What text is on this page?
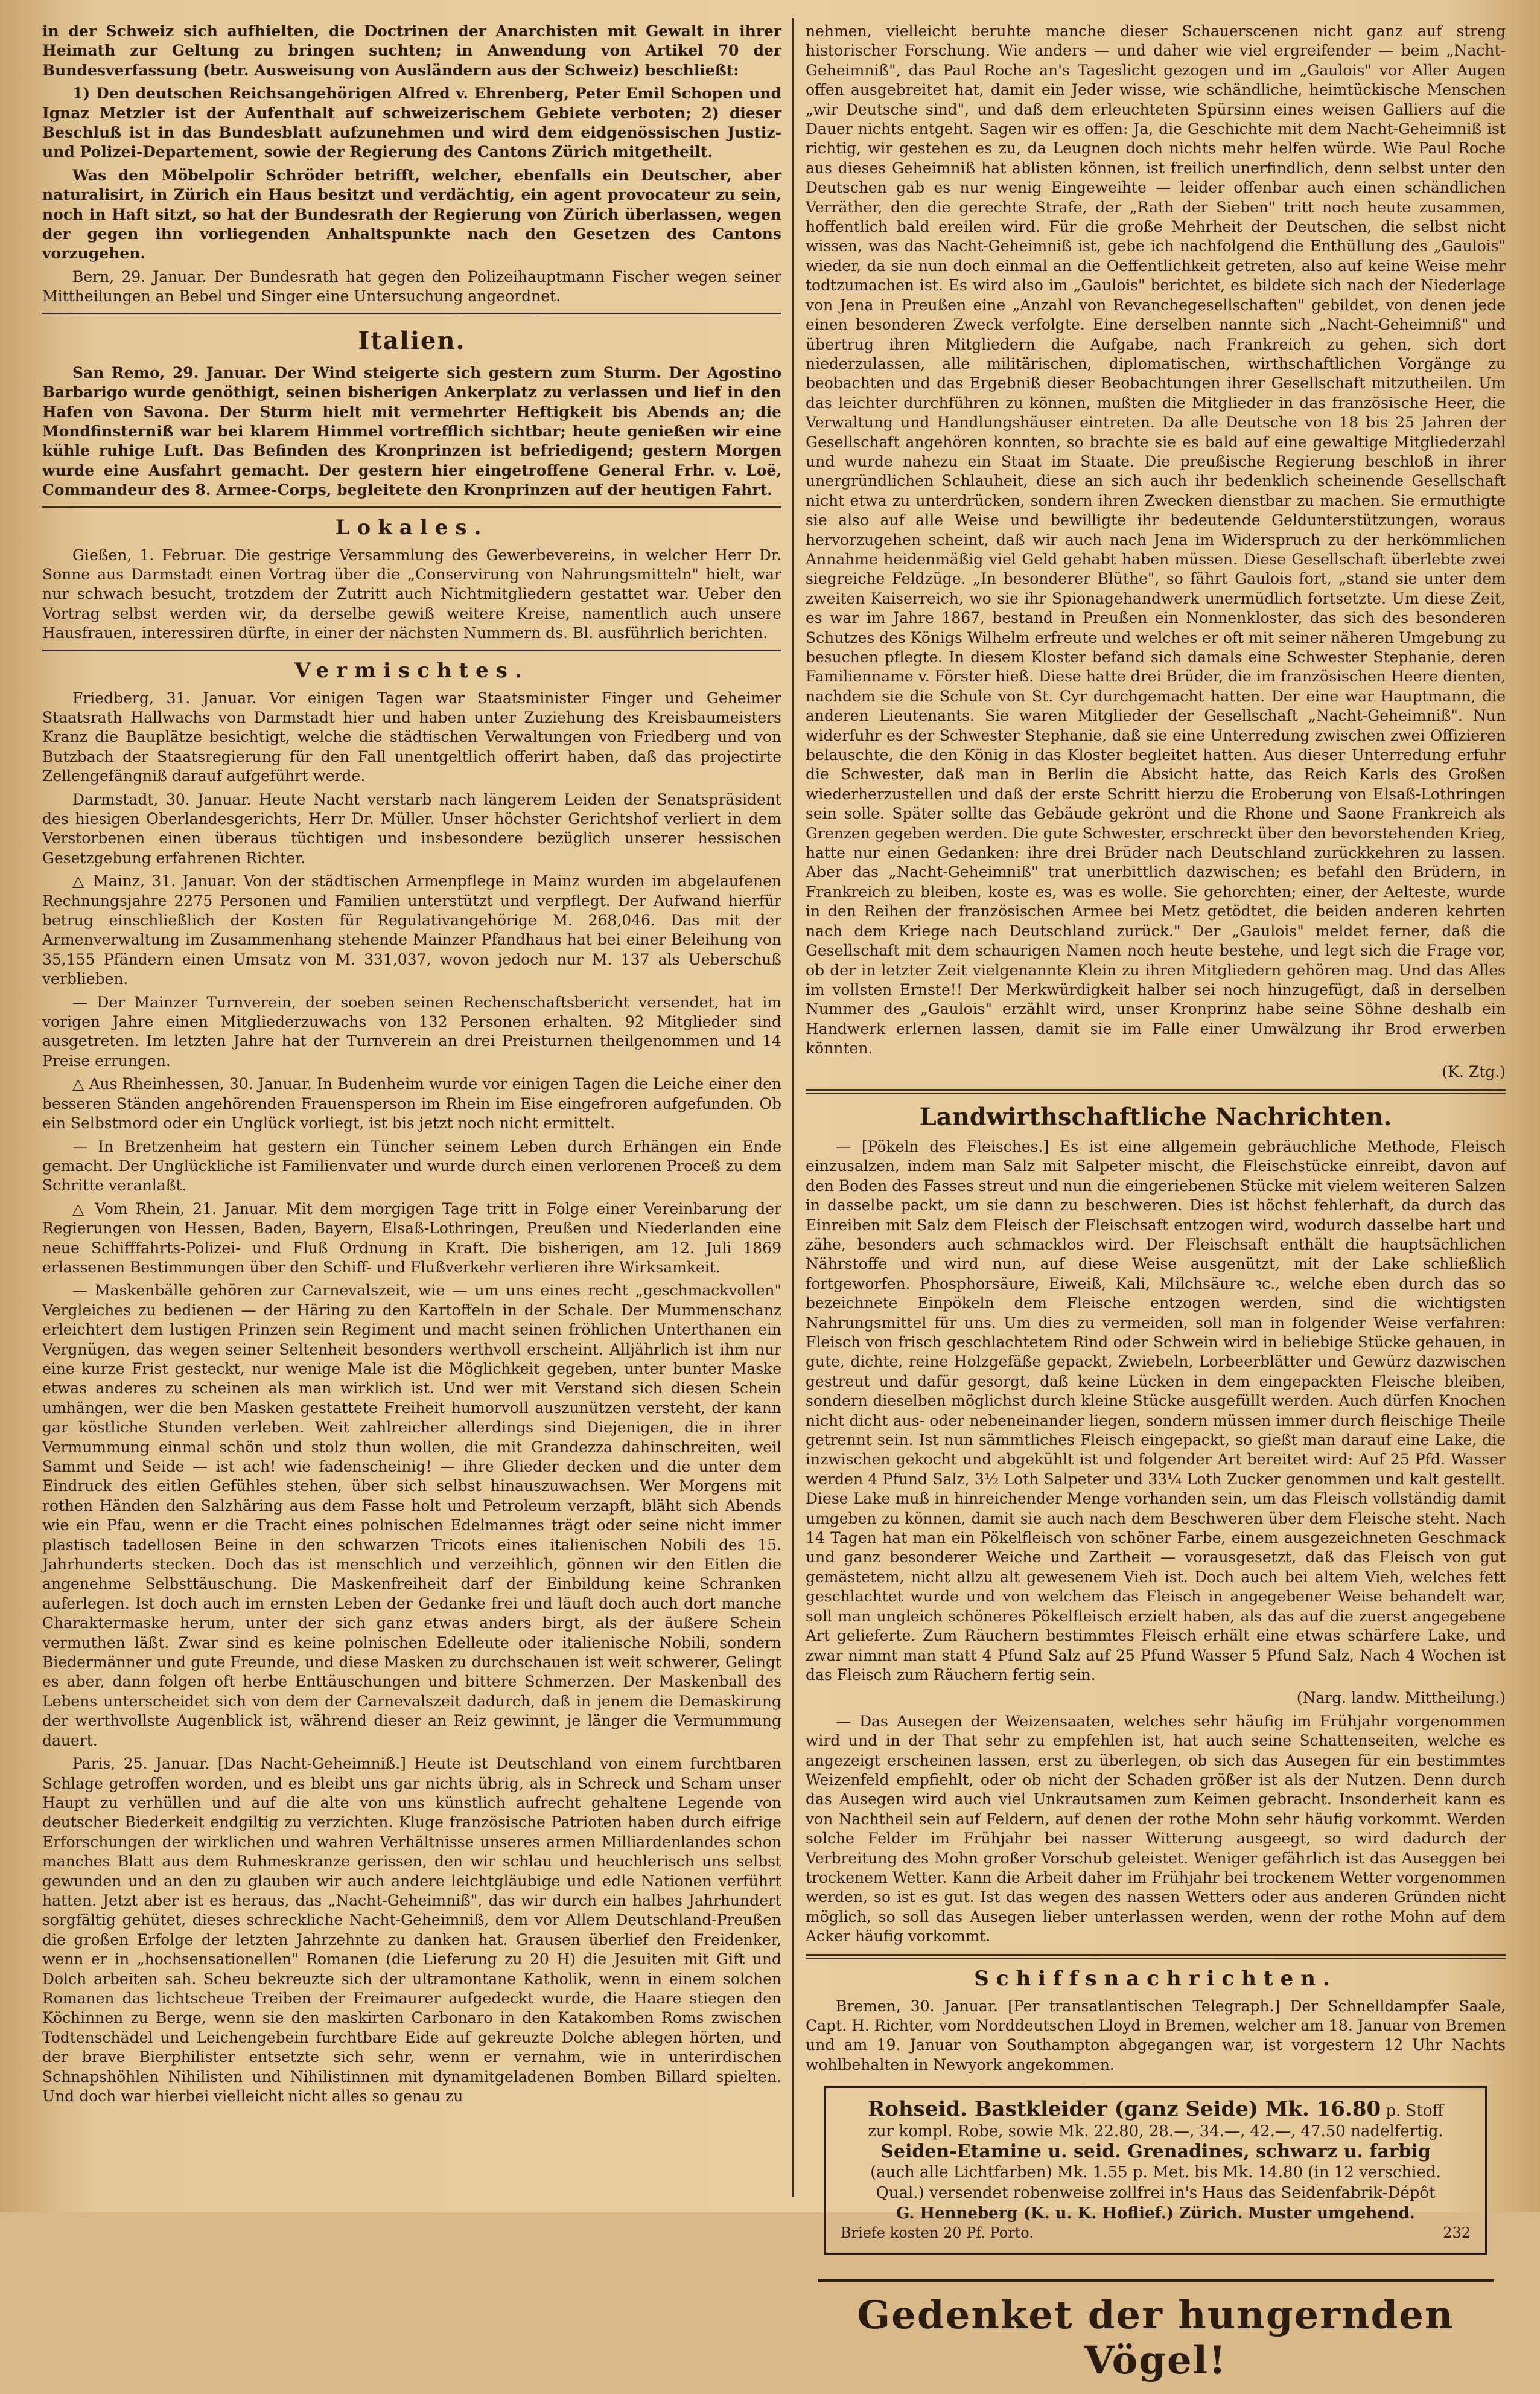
in der Schweiz sich aufhielten, die Doctrinen der Anarchisten mit Gewalt in ihrer Heimath zur Geltung zu bringen suchten; in Anwendung von Artikel 70 der Bundesverfassung (betr. Ausweisung von Ausländern aus der Schweiz) beschließt:

1) Den deutschen Reichsangehörigen Alfred v. Ehrenberg, Peter Emil Schopen und Ignaz Metzler ist der Aufenthalt auf schweizerischem Gebiete verboten; 2) dieser Beschluß ist in das Bundesblatt aufzunehmen und wird dem eidgenössischen Justiz- und Polizei-Departement, sowie der Regierung des Cantons Zürich mitgetheilt.

Was den Möbelpolir Schröder betrifft, welcher, ebenfalls ein Deutscher, aber naturalisirt, in Zürich ein Haus besitzt und verdächtig, ein agent provocateur zu sein, noch in Haft sitzt, so hat der Bundesrath der Regierung von Zürich überlassen, wegen der gegen ihn vorliegenden Anhaltspunkte nach den Gesetzen des Cantons vorzugehen.

Bern, 29. Januar. Der Bundesrath hat gegen den Polizeihauptmann Fischer wegen seiner Mittheilungen an Bebel und Singer eine Untersuchung angeordnet.

Italien.

San Remo, 29. Januar. Der Wind steigerte sich gestern zum Sturm. Der Agostino Barbarigo wurde genöthigt, seinen bisherigen Ankerplatz zu verlassen und lief in den Hafen von Savona. Der Sturm hielt mit vermehrter Heftigkeit bis Abends an; die Mondfinsterniß war bei klarem Himmel vortrefflich sichtbar; heute genießen wir eine kühle ruhige Luft. Das Befinden des Kronprinzen ist befriedigend; gestern Morgen wurde eine Ausfahrt gemacht. Der gestern hier eingetroffene General Frhr. v. Loë, Commandeur des 8. Armee-Corps, begleitete den Kronprinzen auf der heutigen Fahrt.

Lokales.

Gießen, 1. Februar. Die gestrige Versammlung des Gewerbevereins, in welcher Herr Dr. Sonne aus Darmstadt einen Vortrag über die „Conservirung von Nahrungsmitteln" hielt, war nur schwach besucht, trotzdem der Zutritt auch Nichtmitgliedern gestattet war. Ueber den Vortrag selbst werden wir, da derselbe gewiß weitere Kreise, namentlich auch unsere Hausfrauen, interessiren dürfte, in einer der nächsten Nummern ds. Bl. ausführlich berichten.

Vermischtes.

Friedberg, 31. Januar. Vor einigen Tagen war Staatsminister Finger und Geheimer Staatsrath Hallwachs von Darmstadt hier und haben unter Zuziehung des Kreisbaumeisters Kranz die Bauplätze besichtigt, welche die städtischen Verwaltungen von Friedberg und von Butzbach der Staatsregierung für den Fall unentgeltlich offerirt haben, daß das projectirte Zellengefängniß darauf aufgeführt werde.

Darmstadt, 30. Januar. Heute Nacht verstarb nach längerem Leiden der Senatspräsident des hiesigen Oberlandesgerichts, Herr Dr. Müller. Unser höchster Gerichtshof verliert in dem Verstorbenen einen überaus tüchtigen und insbesondere bezüglich unserer hessischen Gesetzgebung erfahrenen Richter.

△ Mainz, 31. Januar. Von der städtischen Armenpflege in Mainz wurden im abgelaufenen Rechnungsjahre 2275 Personen und Familien unterstützt und verpflegt. Der Aufwand hierfür betrug einschließlich der Kosten für Regulativangehörige M. 268,046. Das mit der Armenverwaltung im Zusammenhang stehende Mainzer Pfandhaus hat bei einer Beleihung von 35,155 Pfändern einen Umsatz von M. 331,037, wovon jedoch nur M. 137 als Ueberschuß verblieben.

— Der Mainzer Turnverein, der soeben seinen Rechenschaftsbericht versendet, hat im vorigen Jahre einen Mitgliederzuwachs von 132 Personen erhalten. 92 Mitglieder sind ausgetreten. Im letzten Jahre hat der Turnverein an drei Preisturnen theilgenommen und 14 Preise errungen.

△ Aus Rheinhessen, 30. Januar. In Budenheim wurde vor einigen Tagen die Leiche einer den besseren Ständen angehörenden Frauensperson im Rhein im Eise eingefroren aufgefunden. Ob ein Selbstmord oder ein Unglück vorliegt, ist bis jetzt noch nicht ermittelt.

— In Bretzenheim hat gestern ein Tüncher seinem Leben durch Erhängen ein Ende gemacht. Der Unglückliche ist Familienvater und wurde durch einen verlorenen Proceß zu dem Schritte veranlaßt.

△ Vom Rhein, 21. Januar. Mit dem morgigen Tage tritt in Folge einer Vereinbarung der Regierungen von Hessen, Baden, Bayern, Elsaß-Lothringen, Preußen und Niederlanden eine neue Schifffahrts-Polizei- und Fluß Ordnung in Kraft. Die bisherigen, am 12. Juli 1869 erlassenen Bestimmungen über den Schiff- und Flußverkehr verlieren ihre Wirksamkeit.

— Maskenbälle gehören zur Carnevalszeit, wie — um uns eines recht „geschmackvollen" Vergleiches zu bedienen — der Häring zu den Kartoffeln in der Schale. Der Mummenschanz erleichtert dem lustigen Prinzen sein Regiment und macht seinen fröhlichen Unterthanen ein Vergnügen, das wegen seiner Seltenheit besonders werthvoll erscheint. Alljährlich ist ihm nur eine kurze Frist gesteckt, nur wenige Male ist die Möglichkeit gegeben, unter bunter Maske etwas anderes zu scheinen als man wirklich ist. Und wer mit Verstand sich diesen Schein umhängen, wer die ben Masken gestattete Freiheit humorvoll auszunützen versteht, der kann gar köstliche Stunden verleben. Weit zahlreicher allerdings sind Diejenigen, die in ihrer Vermummung einmal schön und stolz thun wollen, die mit Grandezza dahinschreiten, weil Sammt und Seide — ist ach! wie fadenscheinig! — ihre Glieder decken und die unter dem Eindruck des eitlen Gefühles stehen, über sich selbst hinauszuwachsen. Wer Morgens mit rothen Händen den Salzhäring aus dem Fasse holt und Petroleum verzapft, bläht sich Abends wie ein Pfau, wenn er die Tracht eines polnischen Edelmannes trägt oder seine nicht immer plastisch tadellosen Beine in den schwarzen Tricots eines italienischen Nobili des 15. Jahrhunderts stecken. Doch das ist menschlich und verzeihlich, gönnen wir den Eitlen die angenehme Selbsttäuschung. Die Maskenfreiheit darf der Einbildung keine Schranken auferlegen. Ist doch auch im ernsten Leben der Gedanke frei und läuft doch auch dort manche Charaktermaske herum, unter der sich ganz etwas anders birgt, als der äußere Schein vermuthen läßt. Zwar sind es keine polnischen Edelleute oder italienische Nobili, sondern Biedermänner und gute Freunde, und diese Masken zu durchschauen ist weit schwerer, Gelingt es aber, dann folgen oft herbe Enttäuschungen und bittere Schmerzen. Der Maskenball des Lebens unterscheidet sich von dem der Carnevalszeit dadurch, daß in jenem die Demaskirung der werthvollste Augenblick ist, während dieser an Reiz gewinnt, je länger die Vermummung dauert.

Paris, 25. Januar. [Das Nacht-Geheimniß.] Heute ist Deutschland von einem furchtbaren Schlage getroffen worden, und es bleibt uns gar nichts übrig, als in Schreck und Scham unser Haupt zu verhüllen und auf die alte von uns künstlich aufrecht gehaltene Legende von deutscher Biederkeit endgiltig zu verzichten. Kluge französische Patrioten haben durch eifrige Erforschungen der wirklichen und wahren Verhältnisse unseres armen Milliardenlandes schon manches Blatt aus dem Ruhmeskranze gerissen, den wir schlau und heuchlerisch uns selbst gewunden und an den zu glauben wir auch andere leichtgläubige und edle Nationen verführt hatten. Jetzt aber ist es heraus, das „Nacht-Geheimniß", das wir durch ein halbes Jahrhundert sorgfältig gehütet, dieses schreckliche Nacht-Geheimniß, dem vor Allem Deutschland-Preußen die großen Erfolge der letzten Jahrzehnte zu danken hat. Grausen überlief den Freidenker, wenn er in „hochsensationellen" Romanen (die Lieferung zu 20 H) die Jesuiten mit Gift und Dolch arbeiten sah. Scheu bekreuzte sich der ultramontane Katholik, wenn in einem solchen Romanen das lichtscheue Treiben der Freimaurer aufgedeckt wurde, die Haare stiegen den Köchinnen zu Berge, wenn sie den maskirten Carbonaro in den Katakomben Roms zwischen Todtenschädel und Leichengebein furchtbare Eide auf gekreuzte Dolche ablegen hörten, und der brave Bierphilister entsetzte sich sehr, wenn er vernahm, wie in unterirdischen Schnapshöhlen Nihilisten und Nihilistinnen mit dynamitgeladenen Bomben Billard spielten. Und doch war hierbei vielleicht nicht alles so genau zu

nehmen, vielleicht beruhte manche dieser Schauerscenen nicht ganz auf streng historischer Forschung. Wie anders — und daher wie viel ergreifender — beim „Nacht-Geheimniß", das Paul Roche an's Tageslicht gezogen und im „Gaulois" vor Aller Augen offen ausgebreitet hat, damit ein Jeder wisse, wie schändliche, heimtückische Menschen „wir Deutsche sind", und daß dem erleuchteten Spürsinn eines weisen Galliers auf die Dauer nichts entgeht. Sagen wir es offen: Ja, die Geschichte mit dem Nacht-Geheimniß ist richtig, wir gestehen es zu, da Leugnen doch nichts mehr helfen würde. Wie Paul Roche aus dieses Geheimniß hat ablisten können, ist freilich unerfindlich, denn selbst unter den Deutschen gab es nur wenig Eingeweihte — leider offenbar auch einen schändlichen Verräther, den die gerechte Strafe, der „Rath der Sieben" tritt noch heute zusammen, hoffentlich bald ereilen wird. Für die große Mehrheit der Deutschen, die selbst nicht wissen, was das Nacht-Geheimniß ist, gebe ich nachfolgend die Enthüllung des „Gaulois" wieder, da sie nun doch einmal an die Oeffentlichkeit getreten, also auf keine Weise mehr todtzumachen ist. Es wird also im „Gaulois" berichtet, es bildete sich nach der Niederlage von Jena in Preußen eine „Anzahl von Revanchegesellschaften" gebildet, von denen jede einen besonderen Zweck verfolgte. Eine derselben nannte sich „Nacht-Geheimniß" und übertrug ihren Mitgliedern die Aufgabe, nach Frankreich zu gehen, sich dort niederzulassen, alle militärischen, diplomatischen, wirthschaftlichen Vorgänge zu beobachten und das Ergebniß dieser Beobachtungen ihrer Gesellschaft mitzutheilen. Um das leichter durchführen zu können, mußten die Mitglieder in das französische Heer, die Verwaltung und Handlungshäuser eintreten. Da alle Deutsche von 18 bis 25 Jahren der Gesellschaft angehören konnten, so brachte sie es bald auf eine gewaltige Mitgliederzahl und wurde nahezu ein Staat im Staate. Die preußische Regierung beschloß in ihrer unergründlichen Schlauheit, diese an sich auch ihr bedenklich scheinende Gesellschaft nicht etwa zu unterdrücken, sondern ihren Zwecken dienstbar zu machen. Sie ermuthigte sie also auf alle Weise und bewilligte ihr bedeutende Geldunterstützungen, woraus hervorzugehen scheint, daß wir auch nach Jena im Widerspruch zu der herkömmlichen Annahme heidenmäßig viel Geld gehabt haben müssen. Diese Gesellschaft überlebte zwei siegreiche Feldzüge. „In besonderer Blüthe", so fährt Gaulois fort, „stand sie unter dem zweiten Kaiserreich, wo sie ihr Spionagehandwerk unermüdlich fortsetzte. Um diese Zeit, es war im Jahre 1867, bestand in Preußen ein Nonnenkloster, das sich des besonderen Schutzes des Königs Wilhelm erfreute und welches er oft mit seiner näheren Umgebung zu besuchen pflegte. In diesem Kloster befand sich damals eine Schwester Stephanie, deren Familienname v. Förster hieß. Diese hatte drei Brüder, die im französischen Heere dienten, nachdem sie die Schule von St. Cyr durchgemacht hatten. Der eine war Hauptmann, die anderen Lieutenants. Sie waren Mitglieder der Gesellschaft „Nacht-Geheimniß". Nun widerfuhr es der Schwester Stephanie, daß sie eine Unterredung zwischen zwei Offizieren belauschte, die den König in das Kloster begleitet hatten. Aus dieser Unterredung erfuhr die Schwester, daß man in Berlin die Absicht hatte, das Reich Karls des Großen wiederherzustellen und daß der erste Schritt hierzu die Eroberung von Elsaß-Lothringen sein solle. Später sollte das Gebäude gekrönt und die Rhone und Saone Frankreich als Grenzen gegeben werden. Die gute Schwester, erschreckt über den bevorstehenden Krieg, hatte nur einen Gedanken: ihre drei Brüder nach Deutschland zurückkehren zu lassen. Aber das „Nacht-Geheimniß" trat unerbittlich dazwischen; es befahl den Brüdern, in Frankreich zu bleiben, koste es, was es wolle. Sie gehorchten; einer, der Aelteste, wurde in den Reihen der französischen Armee bei Metz getödtet, die beiden anderen kehrten nach dem Kriege nach Deutschland zurück." Der „Gaulois" meldet ferner, daß die Gesellschaft mit dem schaurigen Namen noch heute bestehe, und legt sich die Frage vor, ob der in letzter Zeit vielgenannte Klein zu ihren Mitgliedern gehören mag. Und das Alles im vollsten Ernste!! Der Merkwürdigkeit halber sei noch hinzugefügt, daß in derselben Nummer des „Gaulois" erzählt wird, unser Kronprinz habe seine Söhne deshalb ein Handwerk erlernen lassen, damit sie im Falle einer Umwälzung ihr Brod erwerben könnten.

(K. Ztg.)

Landwirthschaftliche Nachrichten.

— [Pökeln des Fleisches.] Es ist eine allgemein gebräuchliche Methode, Fleisch einzusalzen, indem man Salz mit Salpeter mischt, die Fleischstücke einreibt, davon auf den Boden des Fasses streut und nun die eingeriebenen Stücke mit vielem weiteren Salzen in dasselbe packt, um sie dann zu beschweren. Dies ist höchst fehlerhaft, da durch das Einreiben mit Salz dem Fleisch der Fleischsaft entzogen wird, wodurch dasselbe hart und zähe, besonders auch schmacklos wird. Der Fleischsaft enthält die hauptsächlichen Nährstoffe und wird nun, auf diese Weise ausgenützt, mit der Lake schließlich fortgeworfen. Phosphorsäure, Eiweiß, Kali, Milchsäure ꝛc., welche eben durch das so bezeichnete Einpökeln dem Fleische entzogen werden, sind die wichtigsten Nahrungsmittel für uns. Um dies zu vermeiden, soll man in folgender Weise verfahren: Fleisch von frisch geschlachtetem Rind oder Schwein wird in beliebige Stücke gehauen, in gute, dichte, reine Holzgefäße gepackt, Zwiebeln, Lorbeerblätter und Gewürz dazwischen gestreut und dafür gesorgt, daß keine Lücken in dem eingepackten Fleische bleiben, sondern dieselben möglichst durch kleine Stücke ausgefüllt werden. Auch dürfen Knochen nicht dicht aus- oder nebeneinander liegen, sondern müssen immer durch fleischige Theile getrennt sein. Ist nun sämmtliches Fleisch eingepackt, so gießt man darauf eine Lake, die inzwischen gekocht und abgekühlt ist und folgender Art bereitet wird: Auf 25 Pfd. Wasser werden 4 Pfund Salz, 3½ Loth Salpeter und 33¼ Loth Zucker genommen und kalt gestellt. Diese Lake muß in hinreichender Menge vorhanden sein, um das Fleisch vollständig damit umgeben zu können, damit sie auch nach dem Beschweren über dem Fleische steht. Nach 14 Tagen hat man ein Pökelfleisch von schöner Farbe, einem ausgezeichneten Geschmack und ganz besonderer Weiche und Zartheit — vorausgesetzt, daß das Fleisch von gut gemästetem, nicht allzu alt gewesenem Vieh ist. Doch auch bei altem Vieh, welches fett geschlachtet wurde und von welchem das Fleisch in angegebener Weise behandelt war, soll man ungleich schöneres Pökelfleisch erzielt haben, als das auf die zuerst angegebene Art gelieferte. Zum Räuchern bestimmtes Fleisch erhält eine etwas schärfere Lake, und zwar nimmt man statt 4 Pfund Salz auf 25 Pfund Wasser 5 Pfund Salz, Nach 4 Wochen ist das Fleisch zum Räuchern fertig sein.

(Narg. landw. Mittheilung.)

— Das Ausegen der Weizensaaten, welches sehr häufig im Frühjahr vorgenommen wird und in der That sehr zu empfehlen ist, hat auch seine Schattenseiten, welche es angezeigt erscheinen lassen, erst zu überlegen, ob sich das Ausegen für ein bestimmtes Weizenfeld empfiehlt, oder ob nicht der Schaden größer ist als der Nutzen. Denn durch das Ausegen wird auch viel Unkrautsamen zum Keimen gebracht. Insonderheit kann es von Nachtheil sein auf Feldern, auf denen der rothe Mohn sehr häufig vorkommt. Werden solche Felder im Frühjahr bei nasser Witterung ausgeegt, so wird dadurch der Verbreitung des Mohn großer Vorschub geleistet. Weniger gefährlich ist das Auseggen bei trockenem Wetter. Kann die Arbeit daher im Frühjahr bei trockenem Wetter vorgenommen werden, so ist es gut. Ist das wegen des nassen Wetters oder aus anderen Gründen nicht möglich, so soll das Ausegen lieber unterlassen werden, wenn der rothe Mohn auf dem Acker häufig vorkommt.

Schiffsnachrichten.

Bremen, 30. Januar. [Per transatlantischen Telegraph.] Der Schnelldampfer Saale, Capt. H. Richter, vom Norddeutschen Lloyd in Bremen, welcher am 18. Januar von Bremen und am 19. Januar von Southampton abgegangen war, ist vorgestern 12 Uhr Nachts wohlbehalten in Newyork angekommen.

Rohseid. Bastkleider (ganz Seide) Mk. 16.80 p. Stoff

zur kompl. Robe, sowie Mk. 22.80, 28.—, 34.—, 42.—, 47.50 nadelfertig.

Seiden-Etamine u. seid. Grenadines, schwarz u. farbig

(auch alle Lichtfarben) Mk. 1.55 p. Met. bis Mk. 14.80 (in 12 verschied.

Qual.) versendet robenweise zollfrei in's Haus das Seidenfabrik-Dépôt

G. Henneberg (K. u. K. Hoflief.) Zürich. Muster umgehend.

Briefe kosten 20 Pf. Porto.	232
Gedenket der hungernden Vögel!
